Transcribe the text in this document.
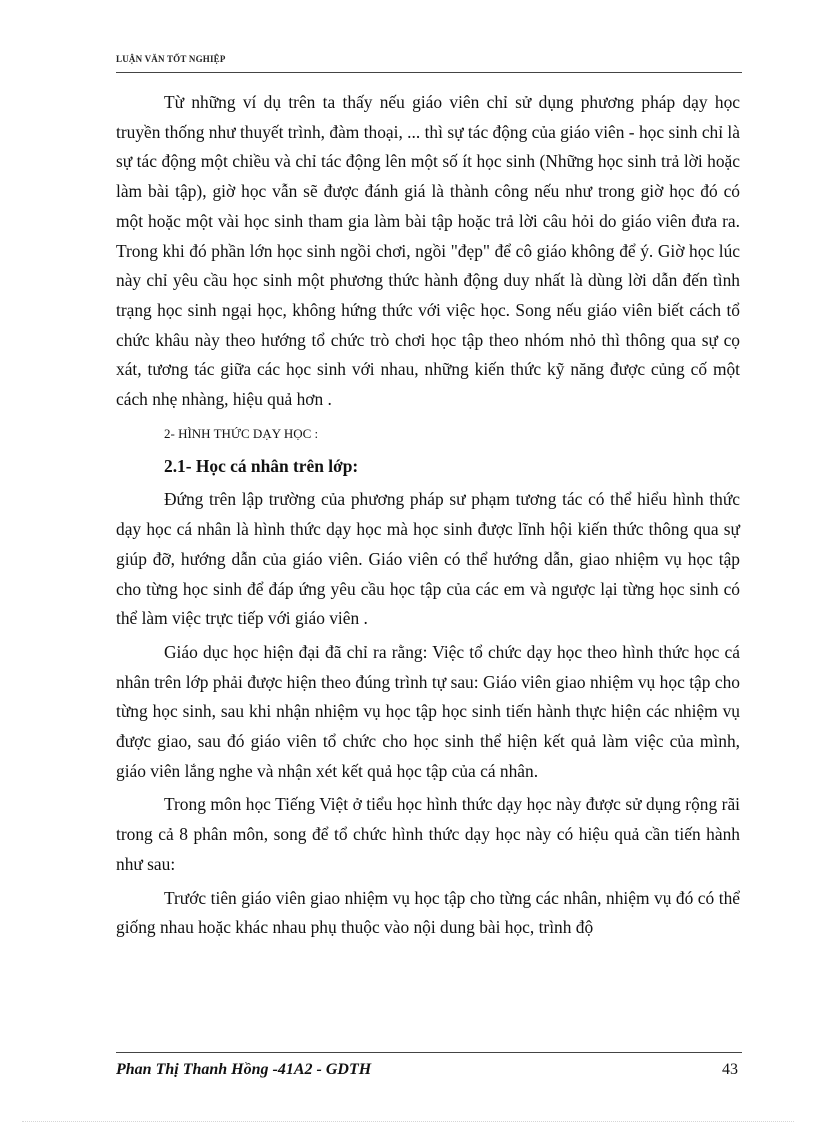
LUẬN VĂN TỐT NGHIỆP

Từ những ví dụ trên ta thấy nếu giáo viên chỉ sử dụng phương pháp dạy học truyền thống như thuyết trình, đàm thoại, ... thì sự tác động của giáo viên - học sinh chỉ là sự tác động một chiều và chỉ tác động lên một số ít học sinh (Những học sinh trả lời hoặc làm bài tập), giờ học vẫn sẽ được đánh giá là thành công nếu như trong giờ học đó có một hoặc một vài học sinh tham gia làm bài tập hoặc trả lời câu hỏi do giáo viên đưa ra. Trong khi đó phần lớn học sinh ngồi chơi, ngồi "đẹp" để cô giáo không để ý. Giờ học lúc này chỉ yêu cầu học sinh một phương thức hành động duy nhất là dùng lời dẫn đến tình trạng học sinh ngại học, không hứng thức với việc học. Song nếu giáo viên biết cách tổ chức khâu này theo hướng tổ chức trò chơi học tập theo nhóm nhỏ thì thông qua sự cọ xát, tương tác giữa các học sinh với nhau, những kiến thức kỹ năng được củng cố một cách nhẹ nhàng, hiệu quả hơn .

2- HÌNH THỨC DẠY HỌC :

2.1- Học cá nhân trên lớp:

Đứng trên lập trường của phương pháp sư phạm tương tác có thể hiểu hình thức dạy học cá nhân là hình thức dạy học mà học sinh được lĩnh hội kiến thức thông qua sự giúp đỡ, hướng dẫn của giáo viên. Giáo viên có thể hướng dẫn, giao nhiệm vụ học tập cho từng học sinh để đáp ứng yêu cầu học tập của các em và ngược lại từng học sinh có thể làm việc trực tiếp với giáo viên .

Giáo dục học hiện đại đã chỉ ra rằng: Việc tổ chức dạy học theo hình thức học cá nhân trên lớp phải được hiện theo đúng trình tự sau: Giáo viên giao nhiệm vụ học tập cho từng học sinh, sau khi nhận nhiệm vụ học tập học sinh tiến hành thực hiện các nhiệm vụ được giao, sau đó giáo viên tổ chức cho học sinh thể hiện kết quả làm việc của mình, giáo viên lắng nghe và nhận xét kết quả học tập của cá nhân.

Trong môn học Tiếng Việt ở tiểu học hình thức dạy học này được sử dụng rộng rãi trong cả 8 phân môn, song để tổ chức hình thức dạy học này có hiệu quả cần tiến hành như sau:

Trước tiên giáo viên giao nhiệm vụ học tập cho từng các nhân, nhiệm vụ đó có thể giống nhau hoặc khác nhau phụ thuộc vào nội dung bài học, trình độ

Phan Thị Thanh Hồng -41A2 - GDTH	43
